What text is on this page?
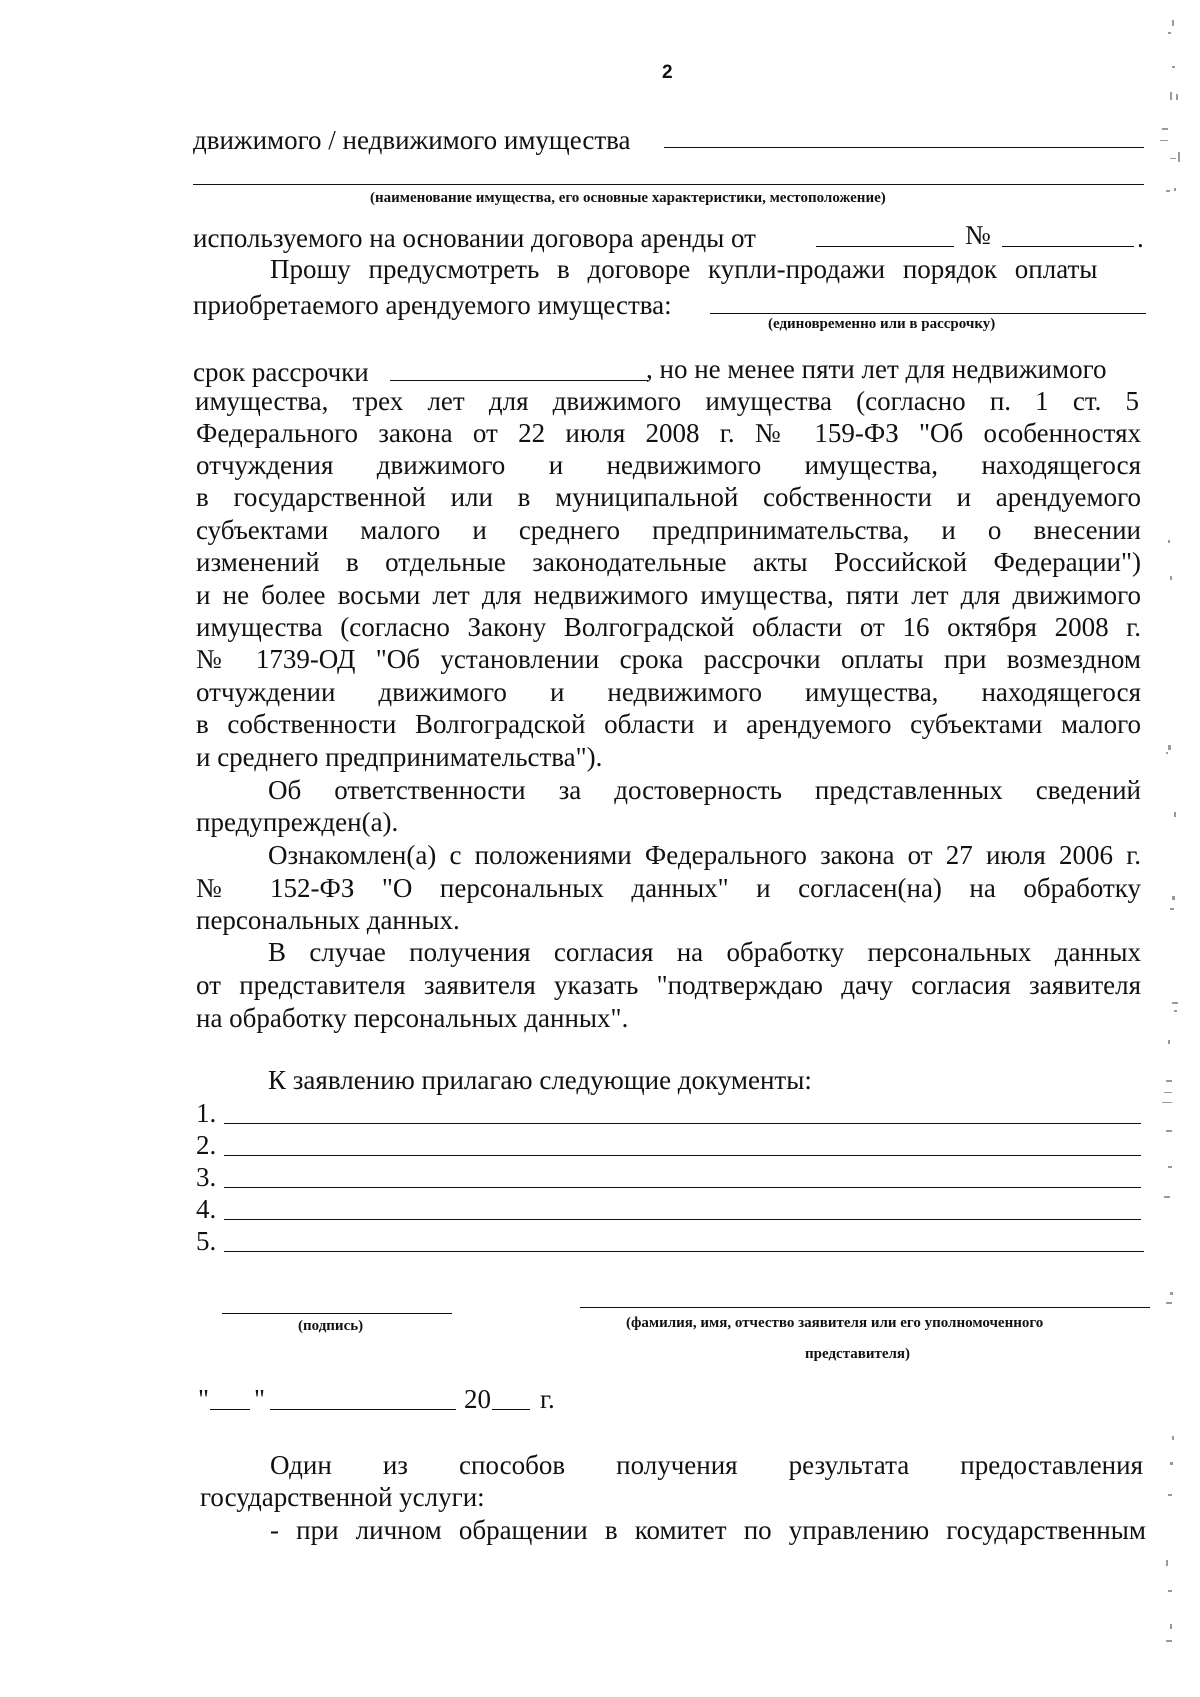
2
движимого / недвижимого имущества
(наименование имущества, его основные характеристики, местоположение)
используемого на основании договора аренды от	№	.
Прошу предусмотреть в договоре купли-продажи порядок оплаты
приобретаемого арендуемого имущества:
(единовременно или в рассрочку)
срок рассрочки	, но не менее пяти лет для недвижимого
имущества, трех лет для движимого имущества (согласно п. 1 ст. 5
Федерального закона от 22 июля 2008 г. № 159-ФЗ "Об особенностях
отчуждения движимого и недвижимого имущества, находящегося
в государственной или в муниципальной собственности и арендуемого
субъектами малого и среднего предпринимательства, и о внесении
изменений в отдельные законодательные акты Российской Федерации")
и не более восьми лет для недвижимого имущества, пяти лет для движимого
имущества (согласно Закону Волгоградской области от 16 октября 2008 г.
№ 1739-ОД "Об установлении срока рассрочки оплаты при возмездном
отчуждении движимого и недвижимого имущества, находящегося
в собственности Волгоградской области и арендуемого субъектами малого
и среднего предпринимательства").
Об ответственности за достоверность представленных сведений
предупрежден(а).
Ознакомлен(а) с положениями Федерального закона от 27 июля 2006 г.
№ 152-ФЗ "О персональных данных" и согласен(на) на обработку
персональных данных.
В случае получения согласия на обработку персональных данных
от представителя заявителя указать "подтверждаю дачу согласия заявителя
на обработку персональных данных".
К заявлению прилагаю следующие документы:
1.
2.
3.
4.
5.
(подпись)	(фамилия, имя, отчество заявителя или его уполномоченного
представителя)
" "	20 г.
Один из способов получения результата предоставления
государственной услуги:
- при личном обращении в комитет по управлению государственным
